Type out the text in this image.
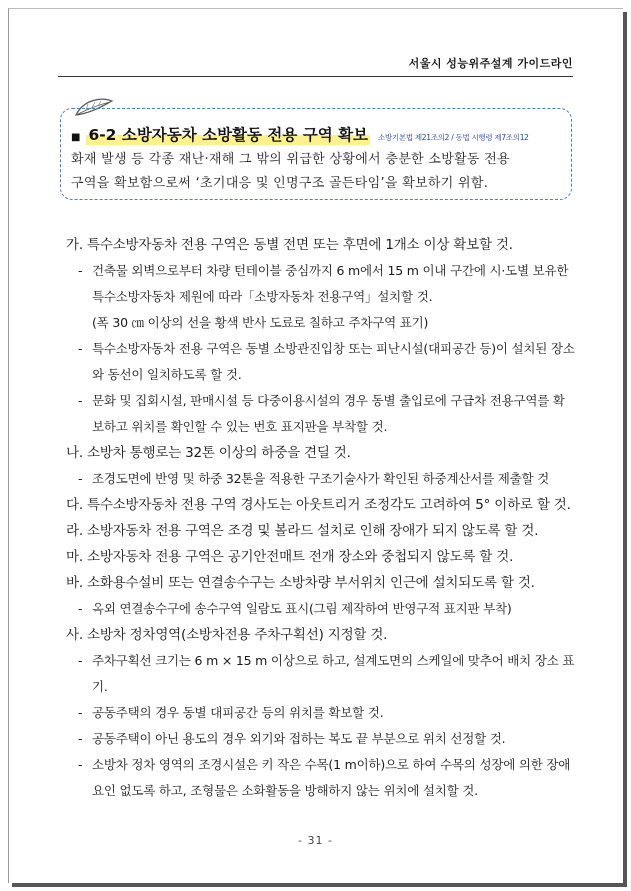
서울시 성능위주설계 가이드라인
■ 6-2 소방자동차 소방활동 전용 구역 확보 소방기본법 제21조의2 / 동법 시행령 제7조의12
화재 발생 등 각종 재난·재해 그 밖의 위급한 상황에서 충분한 소방활동 전용
구역을 확보함으로써 ‘초기대응 및 인명구조 골든타임’을 확보하기 위함.
가. 특수소방자동차 전용 구역은 동별 전면 또는 후면에 1개소 이상 확보할 것.
- 건축물 외벽으로부터 차량 턴테이블 중심까지 6 m에서 15 m 이내 구간에 시·도별 보유한 특수소방자동차 제원에 따라「소방자동차 전용구역」설치할 것.
(폭 30 ㎝ 이상의 선을 황색 반사 도료로 칠하고 주차구역 표기)
- 특수소방자동차 전용 구역은 동별 소방관진입창 또는 피난시설(대피공간 등)이 설치된 장소와 동선이 일치하도록 할 것.
- 문화 및 집회시설, 판매시설 등 다중이용시설의 경우 동별 출입로에 구급차 전용구역를 확보하고 위치를 확인할 수 있는 번호 표지판을 부착할 것.
나. 소방차 통행로는 32톤 이상의 하중을 견딜 것.
- 조경도면에 반영 및 하중 32톤을 적용한 구조기술사가 확인된 하중계산서를 제출할 것
다. 특수소방자동차 전용 구역 경사도는 아웃트리거 조정각도 고려하여 5° 이하로 할 것.
라. 소방자동차 전용 구역은 조경 및 볼라드 설치로 인해 장애가 되지 않도록 할 것.
마. 소방자동차 전용 구역은 공기안전매트 전개 장소와 중첩되지 않도록 할 것.
바. 소화용수설비 또는 연결송수구는 소방차량 부서위치 인근에 설치되도록 할 것.
- 옥외 연결송수구에 송수구역 일람도 표시(그림 제작하여 반영구적 표지판 부착)
사. 소방차 정차영역(소방차전용 주차구획선) 지정할 것.
- 주차구획선 크기는 6 m × 15 m 이상으로 하고, 설계도면의 스케일에 맞추어 배치 장소 표기.
- 공동주택의 경우 동별 대피공간 등의 위치를 확보할 것.
- 공동주택이 아닌 용도의 경우 외기와 접하는 복도 끝 부분으로 위치 선정할 것.
- 소방차 정차 영역의 조경시설은 키 작은 수목(1 m이하)으로 하여 수목의 성장에 의한 장애요인 없도록 하고, 조형물은 소화활동을 방해하지 않는 위치에 설치할 것.
- 31 -
